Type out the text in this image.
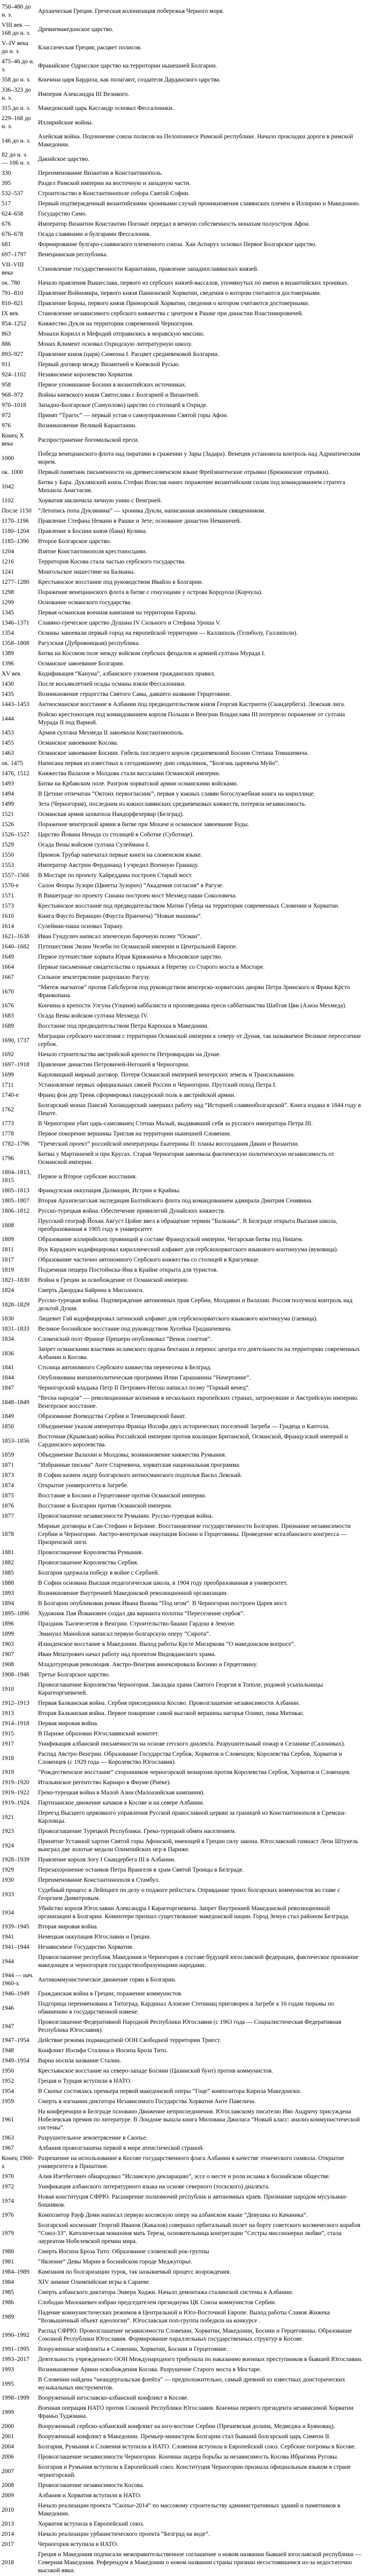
750–480 до н. э.	Архаическая Греция. Греческая колонизация побережья Черного моря.
VIII век — 168 до н. э.	Древнемакедонское царство.
V–IV века до н. э.	Классическая Греция; расцвет полисов.
475–46 до н. э.	Фракийское Одрисское царство на территории нынешней Болгарии.
358 до н. э.	Кончина царя Бардила, как полагают, создателя Дарданского царства.
336–323 до н. э.	Империя Александра III Великого.
315 до н. э.	Македонский царь Кассандр основал Фессалоники.
229–168 до н. э.	Иллирийские войны.
146 до н. э.	Ахейская война. Подчинение союза полисов на Пелопоннесе Римской республике. Начало прокладки дороги в римской Македонии.
82 до н. э. — 106 н. э.	Дакийское царство.
330	Переименование Византии в Константинополь.
395	Раздел Римской империи на восточную и западную части.
532–537	Строительство в Константинополе собора Святой Софии.
517	Первый подтвержденный византийскими хрониками случай проникновения славянских племен в Иллирию и Македонию.
624–658	Государство Само.
676	Император Византии Константин Погонат передал в вечную собственность монахам полуостров Афон.
676–678	Осада славянами и булгарами Фессалоник.
681	Формирование булгаро-славянского племенного союза. Хан Аспарух основал Первое Болгарское царство.
697–1797	Венецианская республика.
VII–VIII века	Становление государственности Карантании, правление западнославянских князей.
ок. 780	Начало правления Вышеслава, первого из сербских князей-вассалов, упомянутых по имени в византийских хрониках.
791–810	Правление Войномира, первого князя Паннонской Хорватии, сведения о котором считаются достоверными.
810–821	Правление Борны, первого князя Приморской Хорватии, сведения о котором считаются достоверными.
IX век	Становление независимого сербского княжества с центром в Рашке при династии Властимировичей.
854–1252	Княжество Дукля на территории современной Черногории.
863	Монахи Кирилл и Мефодий отправились в моравскую миссию.
886	Монах Климент основал Охридскую литературную школу.
893–927	Правление князя (царя) Симеона I. Расцвет средневековой Болгарии.
911	Первый договор между Византией и Киевской Русью.
924–1102	Независимое королевство Хорватия.
958	Первое упоминание Боснии в византийских источниках.
968–972	Войны киевского князя Святослава с Болгарией и Византией.
970–1018	Западно-Болгарское (Самуилово) царство со столицей в Охриде.
972	Принят “Трагос” — первый устав о самоуправлении Святой горы Афон.
976	Возникновение Великой Карантании.
Конец X века	Распространение богомильской ереси.
1000	Победа венецианского флота над пиратами в сражении у Зары (Задара). Венеция установила контроль над Адриатическим морем.
ок. 1000	Первый памятник письменности на древнесловенском языке Фрейзингенские отрывки (Брижинские отрывки).
1042	Битва у Бара. Дуклянский князь Стефан Воислав нанес поражение византийским силам под командованием стратега Михаила Анастасия.
1102	Хорватия заключила личную унию с Венгрией.
После 1150	“Летопись попа Дуклянина” — хроника Дукли, написанная анонимным священником.
1170–1196	Правление Стефана Немани в Рашке и Зете; основание династии Неманичей.
1180–1204	Правление в Боснии князя (бана) Кулина.
1185–1396	Второе Болгарское царство.
1204	Взятие Константинополя крестоносцами.
1216	Территория Косова стала частью сербского государства.
1241	Монгольское нашествие на Балканы.
1277–1280	Крестьянское восстание под руководством Ивайло в Болгарии.
1298	Поражение венецианского флота в битве с генуэзцами у острова Корцуола (Корчула).
1299	Основание османского государства.
1345	Первая османская военная кампания на территории Европы.
1346–1371	Славяно-греческое царство Душана IV Сильного и Стефана Уроша V.
1354	Османы завоевали первый город на европейской территории — Каллиполь (Гелиболу, Галлиполи).
1358–1808	Рагузская (Дубровницкая) республика.
1389	Битва на Косовом поле между войском сербских феодалов и армией султана Мурада I.
1396	Османское завоевание Болгарии.
XV век	Кодификация “Кануна”, албанского уложения гражданских правил.
1430	После восьмилетней осады османы взяли Фессалоники.
1435	Возникновение герцогства Святого Савы, давшего название Герцеговине.
1443–1453	Антиосманское восстание в Албании под предводительством князя Георгия Кастриоти (Скандербега). Лежская лига.
1444	Войско крестоносцев под командованием короля Польши и Венгрии Владислава III потерпело поражение от султана Мурада II под Варной.
1453	Армия султана Мехмеда II завоевала Константинополь.
1455	Османское завоевание Косова.
1463	Османское завоевание Боснии. Гибель последнего короля средневековой Боснии Степана Томашевича.
ок. 1475	Написана первая из известных к сегодняшнему дню севдалинок, “Болезнь царевича Муйо”.
1476, 1512	Княжества Валахия и Молдова стали вассалами Османской империи.
1493	Битва на Крбавском поле. Разгром хорватской армии османскими войсками.
1494	В Цетине отпечатан “Октоих первогласник”, первая у южных славян богослужебная книга на кириллице.
1499	Зета (Черногория), последним из южнославянских средневековых княжеств, потеряла независимость.
1521	Османская армия захватила Нандорфехервар (Белград).
1526	Поражение венгерской армии в битве при Мохаче и османское завоевание Буды.
1526–1527	Царство Йована Ненада со столицей в Соботке (Суботице).
1529	Осада Вены войском султана Сулеймана I.
1550	Примож Трубар напечатал первые книги на словенском языке.
1553	Император Австрии Фердинанд I учредил Военную Границу.
1557–1566	В Мостаре по проекту Хайреддина построен Старый мост.
1570-е	Салон Флоры Зузори (Цвиеты Зузорич) “Академия согласия” в Рагузе.
1571	В Вишеграде по проекту Синана построен мост Мехмед-паши Соколовича.
1573	Крестьянское восстание под предводительством Матии Губеца на территории современных Словении и Хорватии.
1610	Книга Фаусто Веранцио (Фауста Вранчича) “Новые машины”.
1614	Сулейман-паша основал Тирану.
1621–1638	Иван Гундулич написал эпическую барочную поэму “Осман”.
1640–1682	Путешествия Эвлии Челеби по Османской империи и Центральной Европе.
1649	Первое путешествие хорвата Юрая Крижанича в Московское царство.
1664	Первые письменные свидетельства о прыжках в Неретву со Старого моста в Мостаре.
1667	Сильное землетрясение разрушило Рагузу.
1670	“Мятеж магнатов” против Габсбургов под руководством венгерско-хорватских дворян Петра Зринского и Франа Крсто Франкопана.
1676	Кончина в крепости Улгуна (Улциня) каббалиста и проповедника ереси саббатианства Шабтая Цви (Азиза Мехмеда).
1683	Осада Вены войском султана Мехмеда IV.
1689	Восстание под предводительством Петра Карпоша в Македонии.
1690, 1737	Миграции сербского населения с территории Османской империи к северу от Дуная, так называемое Великое переселение сербов.
1692	Начало строительства австрийской крепости Петроварадин на Дунае.
1697–1918	Правление династии Петровичей-Негошей в Черногории.
1699	Карловицкий мирный договор. Потеря Османской империей венгерских земель и Трансильвании.
1711	Установление первых официальных связей России и Черногории. Прутский поход Петра I.
1740-е	Франц фон дер Тренк сформировал пандурский полк в австрийской армии.
1762	Болгарский монах Паисий Хиландарский завершил работу над “Историей славяноболгарской”. Книга издана в 1844 году в Пеште.
1773	В Черногории убит царь-самозванец Степан Малый, выдававший себя за русского императора Петра III.
1778	Первое покорение вершины Триглав на территории нынешней Словении.
1782–1796	“Греческий проект” российской императрицы Екатерины II: планы воссоздания Дакии и Византии.
1796	Битвы у Мартиничей и при Крусах. Старая Черногория завоевала фактическую политическую независимость от Османской империи.
1804–1813, 1815	Первое и Второе сербские восстания.
1805–1813	Французская оккупация Далмации, Истрии и Крайны.
1805–1807	Вторая Архипелагская экспедиция Балтийского флота под командованием адмирала Дмитрия Сенявина.
1806–1812	Русско-турецкая война. Обеспечение привилегий Дунайских княжеств.
1808	Прусский географ Йохан Август Цойне ввел в обращение термин “Балканы”. В Белграде открыта Высшая школа, преобразованная в 1905 году в университет.
1809	Образование иллирийских провинций в составе Французской империи. Чегарская битва под Нишем.
1811	Вук Караджич кодифицировал кириллический алфавит для сербскохорватского языкового континуума (вуковица).
1817	Образование частично автономного Сербского княжества со столицей в Крагуеваце.
1819	Подземная пещера Постойнска-Яма в Крайне открыта для туристов.
1821–1830	Война в Греции за освобождение от Османской империи.
1824	Смерть Джорджа Байрона в Мисолонги.
1828–1829	Русско-турецкая война. Подтверждение автономных прав Сербии, Молдавии и Валахии. Россия получила контроль над дельтой Дуная.
1830	Людевит Гай кодифицировал латинский алфавит для сербскохорватского языкового континуума (гаевица).
1831–1833	Великое боснийское восстание под руководством Хусейна Градашчевича.
1834	Словенский поэт Франце Прешерн опубликовал “Венок сонетов”.
1836	Запрет османскими властями исламского ордена бекташи и перенос центра его деятельности на территорию современных Албании и Косова.
1841	Столица автономного Сербского княжества перенесена в Белград.
1844	Опубликована внешнеполитическая программа Илии Гарашанина “Начертание”.
1847	Черногорский владыка Петр II Петрович-Негош написал поэму “Горный венец”.
1848–1849	“Весна народов” — революционные волнения в нескольких европейских странах, затронувшие и Австрийскую империю. Венгерское восстание.
1849	Образование Воеводства Сербия и Темешварский банат.
1850	Объединение указом императора Франца Иосифа двух исторических поселений Загреба — Градеца и Каптола.
1853–1856	Восточная (Крымская) война Российской империи против коалиции Британской, Османской, Французской империй и Сардинского королевства.
1859	Объединение Валахии и Молдовы; возникновение княжества Румыния.
1871	“Избранные письма” Анте Старчевича, хорватская национальная программа.
1873	В Софии казнен лидер болгарского антиосманского подполья Васил Левский.
1874	Открытие университета в Загребе.
1875	Восстание в Боснии и Герцеговине против Османской империи.
1876	Восстание в Болгарии против Османской империи.
1877	Провозглашение независимости Румынии. Русско-турецкая война.
1878	Мирные договоры в Сан-Стефано и Берлине. Восстановление государственности Болгарии. Признание независимости Сербии и Черногории. Австро-венгерская оккупация Боснии и Герцеговины. Проведение всеалбанского конгресса — Призренской лиги.
1881	Провозглашение Королевства Румыния.
1882	Провозглашение Королевства Сербия.
1885	Болгария одержала победу в войне с Сербией.
1888	В Софии основана Высшая педагогическая школа, в 1904 году преобразованная в университет.
1893	Возникновение Внутренней Македонской революционной организации.
1894	В Болгарии опубликован роман Ивана Вазова “Под игом”. В Черногории построен Царев мост.
1895–1896	Художник Пая Йованович создал два варианта полотна “Переселение сербов”.
1896	Праздник Тысячелетия в Венгрии. Строительство башни Гардош в Земуне.
1899	Эмануил Манойлов написал первую болгарскую оперу “Сирота”.
1903	Илинденское восстание в Македонии. Выход работы Крсте Мисиркова “О македонском вопросе”.
1907	Иван Мештрович начал работу над проектом Видовданского храма.
1908	Младотурецкая революция. Австро-Венгрия аннексировала Боснию и Герцеговину.
1908–1946	Третье Болгарское царство.
1910	Провозглашение Королевства Черногория. Закладка храма Святого Георгия в Тополе, родовой усыпальницы Карагеоргиевичей.
1912–1913	Первая Балканская война. Сербия присоединила Косово. Провозглашение независимости Албании.
1913	Вторая Балканская война. Первое покорение самой высокой вершины нагорья Олимп, пика Митикас.
1914–1918	Первая мировая война.
1915	В Париже образован Югославянский комитет.
1917	Унификация албанской письменности на основе гегского диалекта. Разрушительный пожар в Селанике (Салониках).
1918	Распад Австро-Венгрии. Образование Государства Сербов, Хорватов и Словенцев; Королевства Сербов, Хорватов и Словенцев (с 1929 года — Королевство Югославия).
1919	“Рождественское восстание” сторонников черногорской монархии против Королевства Сербов, Хорватов и Словенцев.
1919–1920	Итальянское регентство Карнаро в Фиуме (Риеке).
1919–1922	Греко-турецкая война в Малой Азии (Малоазийская кампания).
1919–1924	Партизанское движение качаков в Косове и на севере Албании.
1921	Переезд Высшего церковного управления Русской православной церкви за границей из Константинополя в Сремски-Карловцы.
1923	Провозглашение Турецкой Республики. Греко-турецкий обмен населением.
1924	Принятие Уставной хартии Святой горы Афонской, имеющей в Греции силу закона. Югославский гимнаст Леон Штукель выиграл две золотые медали Олимпийских игр в Париже.
1928–1939	Правление короля Зогу I Скандербега III в Албании.
1929	Перезахоронение останков Петра Врангеля в храм Святой Троицы в Белграде.
1930	Переименование Константинополя в Стамбул.
1933	Судебный процесс в Лейпциге по делу о поджоге рейхстага. Оправдание троих болгарских коммунистов во главе с Георгием Димитровым.
1934	Убийство короля Югославии Александра I Карагеоргиевича. Запрет Внутренней Македонской революционной организации в Болгарии. Коминтерн признал существование македонской нации. Город Земун стал районом Белграда.
1939–1945	Вторая мировая война.
1941	Немецкая оккупация Югославии и Греции.
1941–1944	Независимое Государство Хорватия.
1944	Провозглашение республик Македония и Черногория в составе будущей югославской федерации, фактическое признание македонцев и черногорцев государствообразующими народами.
1944 — нач. 1960-х	Антикоммунистическое движение горян в Болгарии.
1946–1949	Гражданская война в Греции; поражение коммунистов.
1946	Подгорица переименована в Титоград. Кардинал Алоизие Степинац приговорен в Загребе к 16 годам тюрьмы по обвинению в государственной измене.
1947	Провозглашение Федеративной Народной Республики Югославия (с 1963 года — Социалистическая Федеративная Республика Югославия).
1947–1954	Действие режима подмандатной ООН Свободной территории Триест.
1948	Конфликт Иосифа Сталина и Иосипа Броза Тито.
1949–1954	Варна носила название Сталин.
1950	Крестьянское восстание на северо-западе Боснии (Цазинский бунт) против коммунистов.
1952	Греция и Турция вступили в НАТО.
1954	В Скопье состоялась премьера первой македонской оперы “Гоце” композитора Кирила Македонски.
1959	Смерть в изгнании диктатора Независимого Государства Хорватия Анте Павелича.
1961	На конференции в Белграде основано Движение неприсоединения. Югославскому писателю Иво Андричу присуждена Нобелевская премия по литературе. В Лондоне вышла книга Милована Джиласа “Новый класс: анализ коммунистической системы”.
1963	Разрушительное землетрясение в Скопье.
1967	Албания провозглашена первой в мире атеистической страной.
Конец 1960-х	Разрешение на использование в Косове государственного флага Албании в качестве этнического символа. Открытие университета в Приштине.
1970	Алия Изетбегович обнародовал “Исламскую декларацию”, эссе о месте и роли ислама в боснийском обществе.
1972	Унификация албанского литературного языка на основе северного (тоскского) диалекта.
1974	Новая конституция СФРЮ. Расширение полномочий республик и автономных краев. Признание народом мусульман-бошняков.
1976	Композитор Рауф Доми написал первую косовскую оперу на албанском языке “Девушка из Качаника”.
1979	Болгарский космонавт Георгий Иванов (Какалов) совершил орбитальный полет на борту советского космического корабля “Союз-33”. Католическая монахиня мать Тереза, основательница конгрегации “Сестры миссионерки любви”, стала лауреатом Нобелевской премии мира.
1980	Смерть Иосипа Броза Тито. Образование словенской рок-группы
1981	“Явление” Девы Марии в боснийском городе Меджугорье.
1984–1989	Кампания по болгаризации турок, так называемый процесс возрождения.
1984	XIV зимние Олимпийские игры в Сараеве.
1985	Смерть албанского диктатора Энвера Ходжи. Начало демонтажа сталинской системы в Албании.
1986	Слободан Милошевич избран председателем президиума ЦК Союза коммунистов Сербии.
1989	Падение коммунистических режимов в Центральной и Юго-Восточной Европе. Выход работы Славоя Жижека “Возвышенный объект идеологии”. Югославская поп-группа победила на конкурсе .
1990–1992	Распад СФРЮ. Провозглашение независимости Словении, Хорватии, Македонии, Боснии и Герцеговины. Образование Союзной Республики Югославия. Формирование параллельных государственных структур в Косове.
1991–1995	Вооруженные конфликты в Словении, Хорватии, Боснии и Герцеговине.
1993–2017	Деятельность учрежденного ООН Международного трибунала по наказанию военных преступников в бывшей Югославии.
1993	Возникновение Армии освобождения Косова. Разрушение Старого моста в Мостаре.
1995	В Словении найдена “неандертальская флейта” — предположительно, самый древний из известных доисторических музыкальных инструментов.
1998–1999	Вооруженный югославско-албанский конфликт в Косове.
1999	Военная операция НАТО против Союзной Республики Югославия. Кончина первого президента независимой Хорватии Франьо Туджмана.
2000	Вооруженный сербско-албанский конфликт на юго-востоке Сербии (Прешевская долина, Медведжа и Буяновац).
2001	Вооруженный конфликт в Македонии. Премьер-министром Болгарии стал бывший болгарский царь Симеон II.
2004	Болгария, Румыния и Словения вступили в НАТО. Словения вступила в Европейский союз. Сербские погромы в Косове.
2006	Провозглашение независимости Черногории. Кончина лидера борьбы за независимость Косова Ибрагима Руговы.
2007	Болгария и Румыния вступили в Европейский союз. Конституция Черногории признала официальным языком в стране черногорский.
2008	Провозглашение независимости Косова.
2009	Албания и Хорватия вступили в НАТО.
2010	Начало реализации проекта “Скопье-2014” по массовому строительству административных зданий и памятников в Македонии.
2013	Хорватия вступила в Европейский союз.
2014	Начало реализации урбанистического проекта “Белград на воде”.
2017	Черногория вступила в НАТО.
2018	Греция и Македония подписали межправительственное соглашение о новом названии бывшей югославской республики — Северная Македония. Референдум в Македонии о новом названии страны признан несостоявшимся из-за недостаточно высокой явки.
